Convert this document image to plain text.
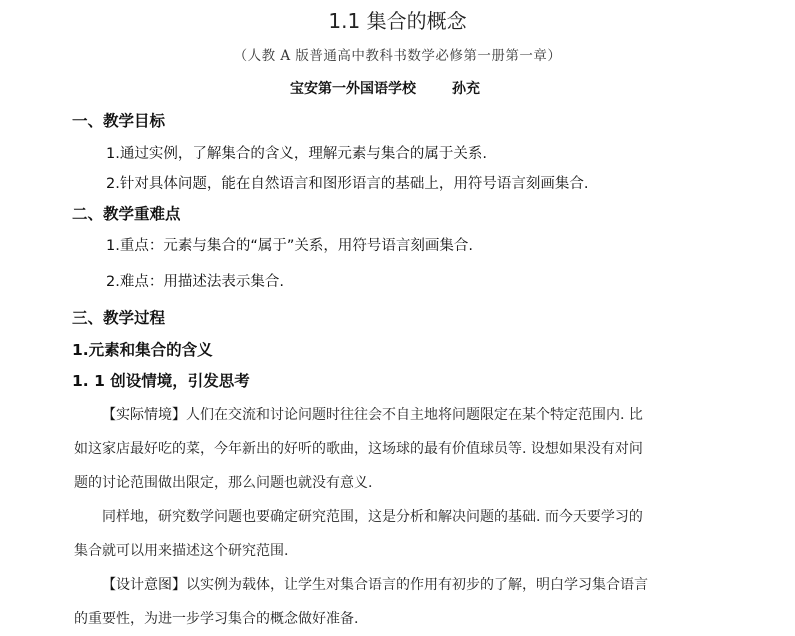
1.1 集合的概念
（人教 A 版普通高中教科书数学必修第一册第一章）
宝安第一外国语学校	孙充
一、教学目标
1.通过实例，了解集合的含义，理解元素与集合的属于关系.
2.针对具体问题，能在自然语言和图形语言的基础上，用符号语言刻画集合.
二、教学重难点
1.重点：元素与集合的“属于”关系，用符号语言刻画集合.
2.难点：用描述法表示集合.
三、教学过程
1.元素和集合的含义
1. 1 创设情境，引发思考
【实际情境】人们在交流和讨论问题时往往会不自主地将问题限定在某个特定范围内. 比
如这家店最好吃的菜，今年新出的好听的歌曲，这场球的最有价值球员等. 设想如果没有对问
题的讨论范围做出限定，那么问题也就没有意义.
同样地，研究数学问题也要确定研究范围，这是分析和解决问题的基础. 而今天要学习的
集合就可以用来描述这个研究范围.
【设计意图】以实例为载体，让学生对集合语言的作用有初步的了解，明白学习集合语言
的重要性，为进一步学习集合的概念做好准备.
